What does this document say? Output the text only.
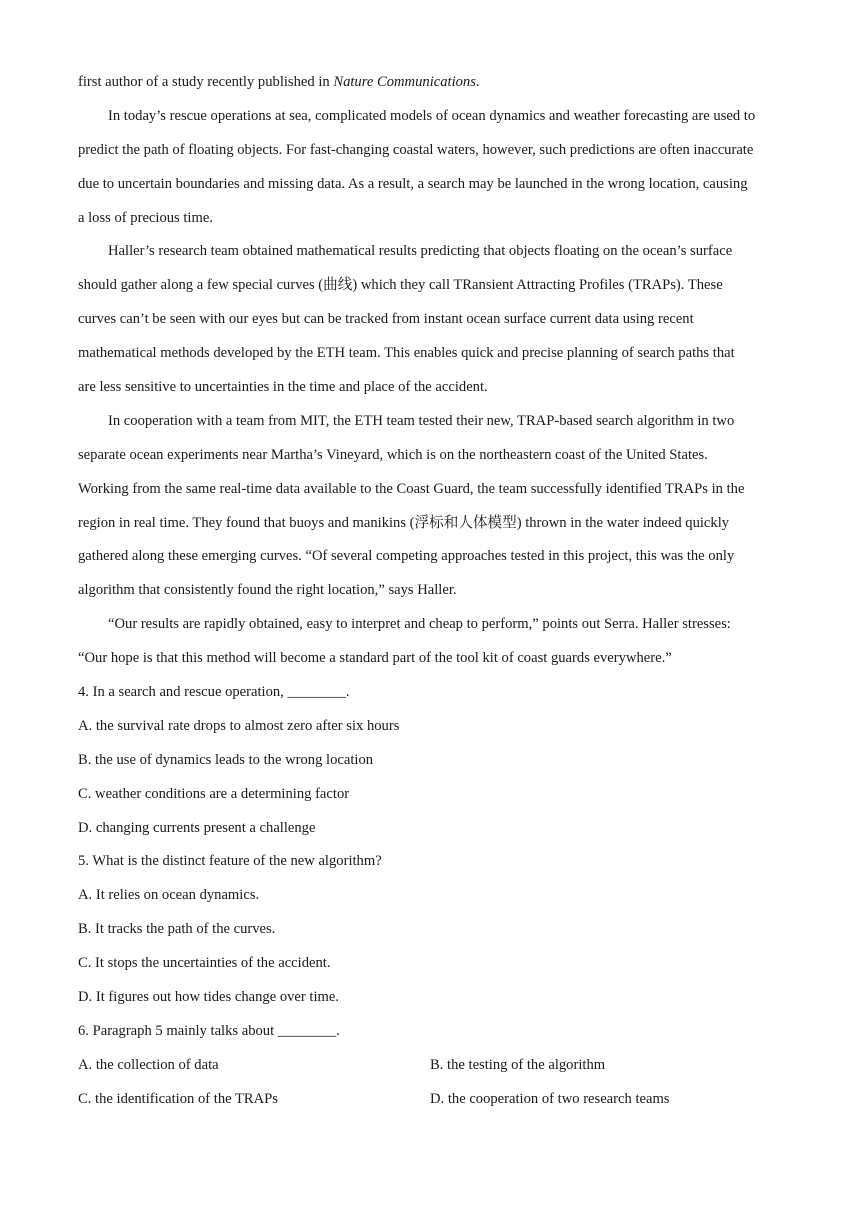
first author of a study recently published in Nature Communications.
In today’s rescue operations at sea, complicated models of ocean dynamics and weather forecasting are used to
predict the path of floating objects. For fast-changing coastal waters, however, such predictions are often inaccurate
due to uncertain boundaries and missing data. As a result, a search may be launched in the wrong location, causing
a loss of precious time.
Haller’s research team obtained mathematical results predicting that objects floating on the ocean’s surface
should gather along a few special curves (曲线) which they call TRansient Attracting Profiles (TRAPs). These
curves can’t be seen with our eyes but can be tracked from instant ocean surface current data using recent
mathematical methods developed by the ETH team. This enables quick and precise planning of search paths that
are less sensitive to uncertainties in the time and place of the accident.
In cooperation with a team from MIT, the ETH team tested their new, TRAP-based search algorithm in two
separate ocean experiments near Martha’s Vineyard, which is on the northeastern coast of the United States.
Working from the same real-time data available to the Coast Guard, the team successfully identified TRAPs in the
region in real time. They found that buoys and manikins (浮标和人体模型) thrown in the water indeed quickly
gathered along these emerging curves. “Of several competing approaches tested in this project, this was the only
algorithm that consistently found the right location,” says Haller.
“Our results are rapidly obtained, easy to interpret and cheap to perform,” points out Serra. Haller stresses:
“Our hope is that this method will become a standard part of the tool kit of coast guards everywhere.”
4. In a search and rescue operation, ________.
A. the survival rate drops to almost zero after six hours
B. the use of dynamics leads to the wrong location
C. weather conditions are a determining factor
D. changing currents present a challenge
5. What is the distinct feature of the new algorithm?
A. It relies on ocean dynamics.
B. It tracks the path of the curves.
C. It stops the uncertainties of the accident.
D. It figures out how tides change over time.
6. Paragraph 5 mainly talks about ________.
A. the collection of data	B. the testing of the algorithm
C. the identification of the TRAPs	D. the cooperation of two research teams
